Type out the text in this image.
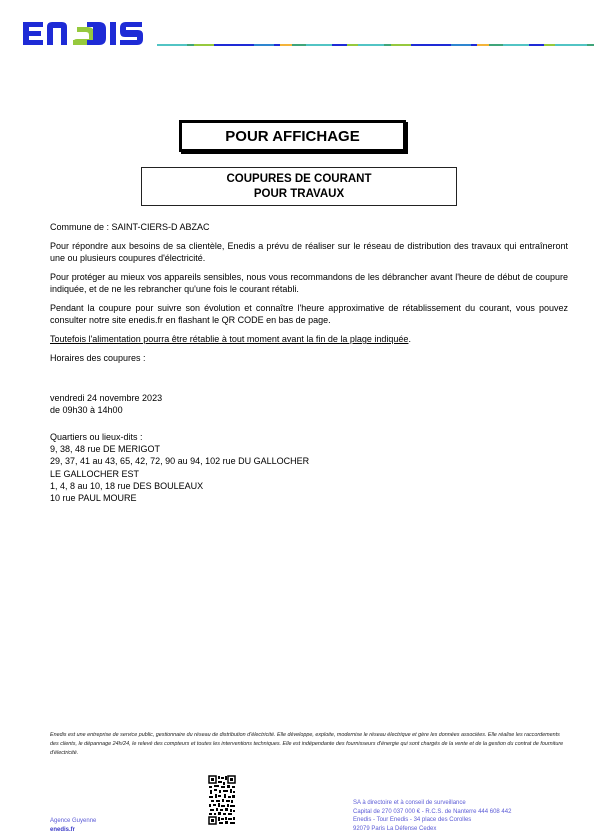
POUR AFFICHAGE
COUPURES DE COURANT
POUR TRAVAUX

Commune de : SAINT-CIERS-D ABZAC

Pour répondre aux besoins de sa clientèle, Enedis a prévu de réaliser sur le réseau de distribution des travaux qui entraîneront une ou plusieurs coupures d'électricité.

Pour protéger au mieux vos appareils sensibles, nous vous recommandons de les débrancher avant l'heure de début de coupure indiquée, et de ne les rebrancher qu'une fois le courant rétabli.

Pendant la coupure pour suivre son évolution et connaître l'heure approximative de rétablissement du courant, vous pouvez consulter notre site enedis.fr en flashant le QR CODE en bas de page.

Toutefois l'alimentation pourra être rétablie à tout moment avant la fin de la plage indiquée.

Horaires des coupures :

vendredi 24 novembre 2023
de 09h30 à 14h00
Quartiers ou lieux-dits :
9, 38, 48 rue DE MERIGOT
29, 37, 41 au 43, 65, 42, 72, 90 au 94, 102 rue DU GALLOCHER
LE GALLOCHER EST
1, 4, 8 au 10, 18 rue DES BOULEAUX
10 rue PAUL MOURE
Enedis est une entreprise de service public, gestionnaire du réseau de distribution d'électricité. Elle développe, exploite, modernise le réseau électrique et gère les données associées. Elle réalise les raccordements des clients, le dépannage 24h/24, le relevé des compteurs et toutes les interventions techniques. Elle est indépendante des fournisseurs d'énergie qui sont chargés de la vente et de la gestion du contrat de fourniture d'électricité.
Agence Guyenne
enedis.fr
SA à directoire et à conseil de surveillance
Capital de 270 037 000 € - R.C.S. de Nanterre 444 608 442
Enedis - Tour Enedis - 34 place des Corolles
92079 Paris La Défense Cedex
